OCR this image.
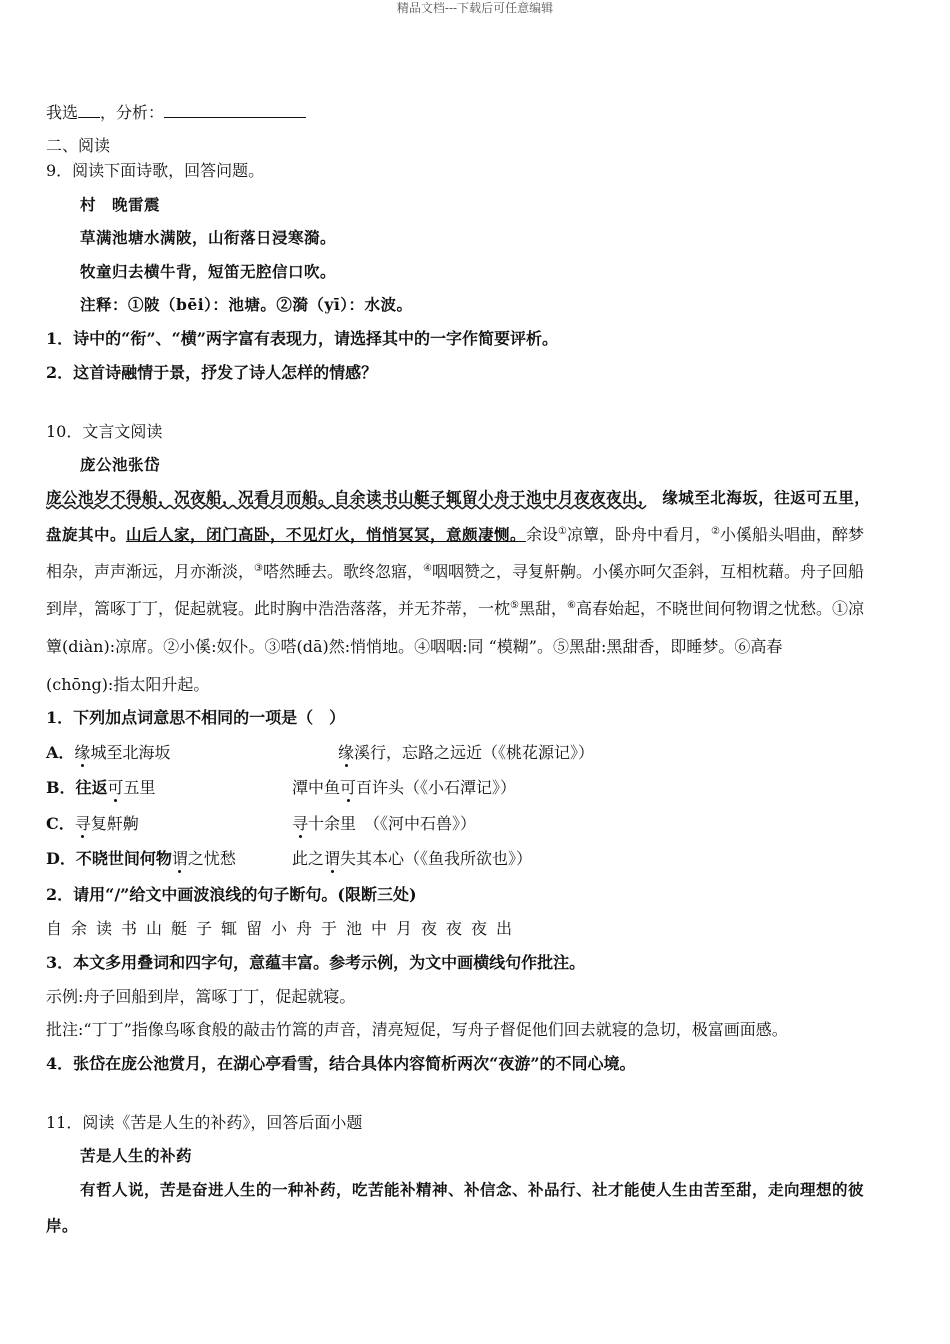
精品文档---下载后可任意编辑
我选 ，分析：
二、阅读
9．阅读下面诗歌，回答问题。
村　晚雷震
草满池塘水满陂，山衔落日浸寒漪。
牧童归去横牛背，短笛无腔信口吹。
注释：①陂（bēi）：池塘。②漪（yī）：水波。
1．诗中的“衔”、“横”两字富有表现力，请选择其中的一字作简要评析。
2．这首诗融情于景，抒发了诗人怎样的情感？
10．文言文阅读
庞公池张岱
庞公池岁不得船，况夜船，况看月而船。自余读书山艇子辄留小舟于池中月夜夜夜出，　缘城至北海坂，往返可五里，
盘旋其中。山后人家，闭门高卧，不见灯火，悄悄冥冥，意颇凄恻。余设①凉簟，卧舟中看月，②小傒船头唱曲，醉梦
相杂，声声渐远，月亦渐淡，③嗒然睡去。歌终忽寤，④咽咽赞之，寻复鼾齁。小傒亦呵欠歪斜，互相枕藉。舟子回船
到岸，篙啄丁丁，促起就寝。此时胸中浩浩落落，并无芥蒂，一枕⑤黑甜，⑥高春始起，不晓世间何物谓之忧愁。①凉
簟(diàn):凉席。②小傒:奴仆。③嗒(dā)然:悄悄地。④咽咽:同 “模糊”。⑤黑甜:黑甜香，即睡梦。⑥高春
(chōng):指太阳升起。
1．下列加点词意思不相同的一项是（　）
A．缘城至北海坂	缘溪行，忘路之远近（《桃花源记》）
B．往返可五里	潭中鱼可百许头（《小石潭记》）
C．寻复鼾齁	寻十余里　（《河中石兽》）
D．不晓世间何物谓之忧愁	此之谓失其本心（《鱼我所欲也》）
2．请用“/”给文中画波浪线的句子断句。(限断三处)
自余读书山艇子辄留小舟于池中月夜夜夜出
3．本文多用叠词和四字句，意蕴丰富。参考示例，为文中画横线句作批注。
示例:舟子回船到岸，篙啄丁丁，促起就寝。
批注:“丁丁”指像鸟啄食般的敲击竹篙的声音，清亮短促，写舟子督促他们回去就寝的急切，极富画面感。
4．张岱在庞公池赏月，在湖心亭看雪，结合具体内容简析两次“夜游”的不同心境。
11．阅读《苦是人生的补药》，回答后面小题
苦是人生的补药
有哲人说，苦是奋进人生的一种补药，吃苦能补精神、补信念、补品行、社才能使人生由苦至甜，走向理想的彼
岸。
